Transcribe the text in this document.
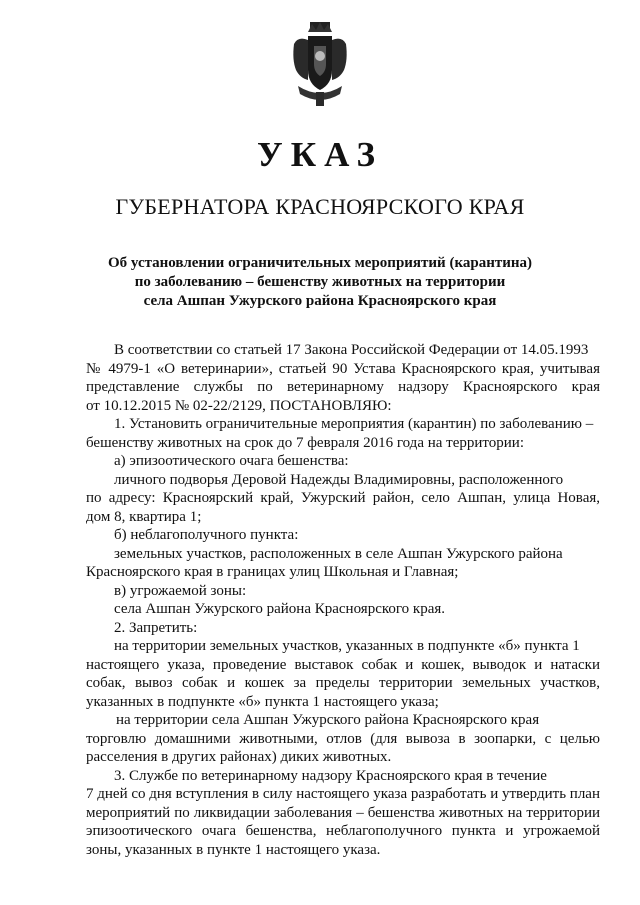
УКАЗ
ГУБЕРНАТОРА КРАСНОЯРСКОГО КРАЯ
Об установлении ограничительных мероприятий (карантина)
по заболеванию – бешенству животных на территории
села Ашпан Ужурского района Красноярского края
В соответствии со статьей 17 Закона Российской Федерации от 14.05.1993
№ 4979-1 «О ветеринарии», статьей 90 Устава Красноярского края, учитывая
представление службы по ветеринарному надзору Красноярского края
от 10.12.2015 № 02-22/2129, ПОСТАНОВЛЯЮ:
1. Установить ограничительные мероприятия (карантин) по заболеванию –
бешенству животных на срок до 7 февраля 2016 года на территории:
а) эпизоотического очага бешенства:
личного подворья Деровой Надежды Владимировны, расположенного
по адресу: Красноярский край, Ужурский район, село Ашпан, улица Новая,
дом 8, квартира 1;
б) неблагополучного пункта:
земельных участков, расположенных в селе Ашпан Ужурского района
Красноярского края в границах улиц Школьная и Главная;
в) угрожаемой зоны:
села Ашпан Ужурского района Красноярского края.
2. Запретить:
на территории земельных участков, указанных в подпункте «б» пункта 1
настоящего указа, проведение выставок собак и кошек, выводок и натаски
собак, вывоз собак и кошек за пределы территории земельных участков,
указанных в подпункте «б» пункта 1 настоящего указа;
на территории села Ашпан Ужурского района Красноярского края
торговлю домашними животными, отлов (для вывоза в зоопарки, с целью
расселения в других районах) диких животных.
3. Службе по ветеринарному надзору Красноярского края в течение
7 дней со дня вступления в силу настоящего указа разработать и утвердить план
мероприятий по ликвидации заболевания – бешенства животных на территории
эпизоотического очага бешенства, неблагополучного пункта и угрожаемой
зоны, указанных в пункте 1 настоящего указа.
